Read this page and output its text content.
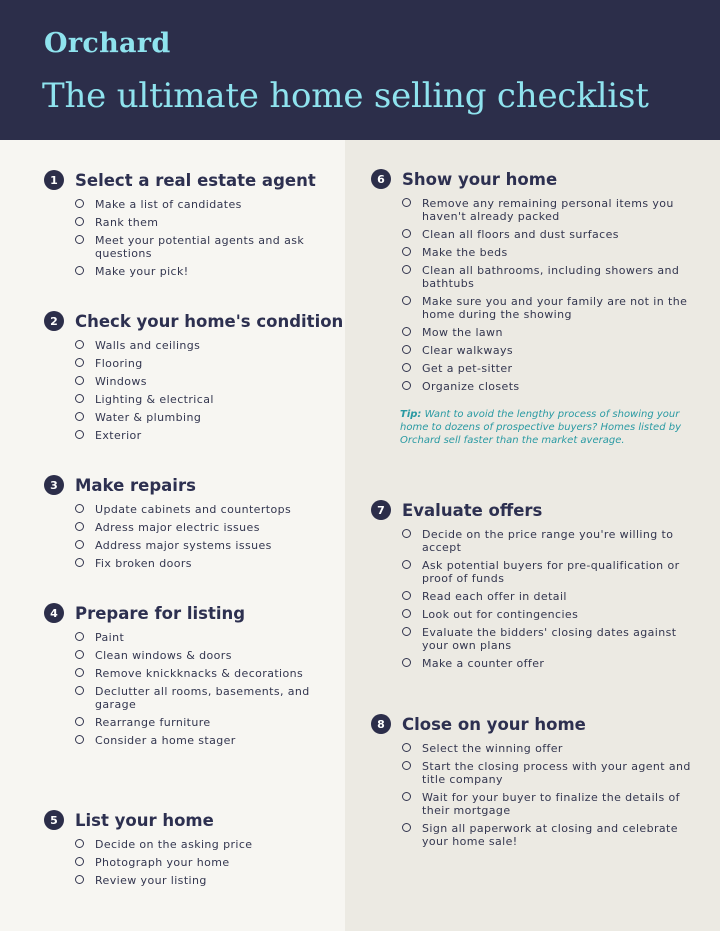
Orchard
The ultimate home selling checklist
1	Select a real estate agent
Make a list of candidates
Rank them
Meet your potential agents and ask questions
Make your pick!
2	Check your home's condition
Walls and ceilings
Flooring
Windows
Lighting & electrical
Water & plumbing
Exterior
3	Make repairs
Update cabinets and countertops
Adress major electric issues
Address major systems issues
Fix broken doors
4	Prepare for listing
Paint
Clean windows & doors
Remove knickknacks & decorations
Declutter all rooms, basements, and garage
Rearrange furniture
Consider a home stager
5	List your home
Decide on the asking price
Photograph your home
Review your listing
6	Show your home
Remove any remaining personal items you haven't already packed
Clean all floors and dust surfaces
Make the beds
Clean all bathrooms, including showers and bathtubs
Make sure you and your family are not in the home during the showing
Mow the lawn
Clear walkways
Get a pet-sitter
Organize closets
7	Evaluate offers
Decide on the price range you're willing to accept
Ask potential buyers for pre-qualification or proof of funds
Read each offer in detail
Look out for contingencies
Evaluate the bidders' closing dates against your own plans
Make a counter offer
8	Close on your home
Select the winning offer
Start the closing process with your agent and title company
Wait for your buyer to finalize the details of their mortgage
Sign all paperwork at closing and celebrate your home sale!
Tip: Want to avoid the lengthy process of showing your home to dozens of prospective buyers? Homes listed by Orchard sell faster than the market average.
